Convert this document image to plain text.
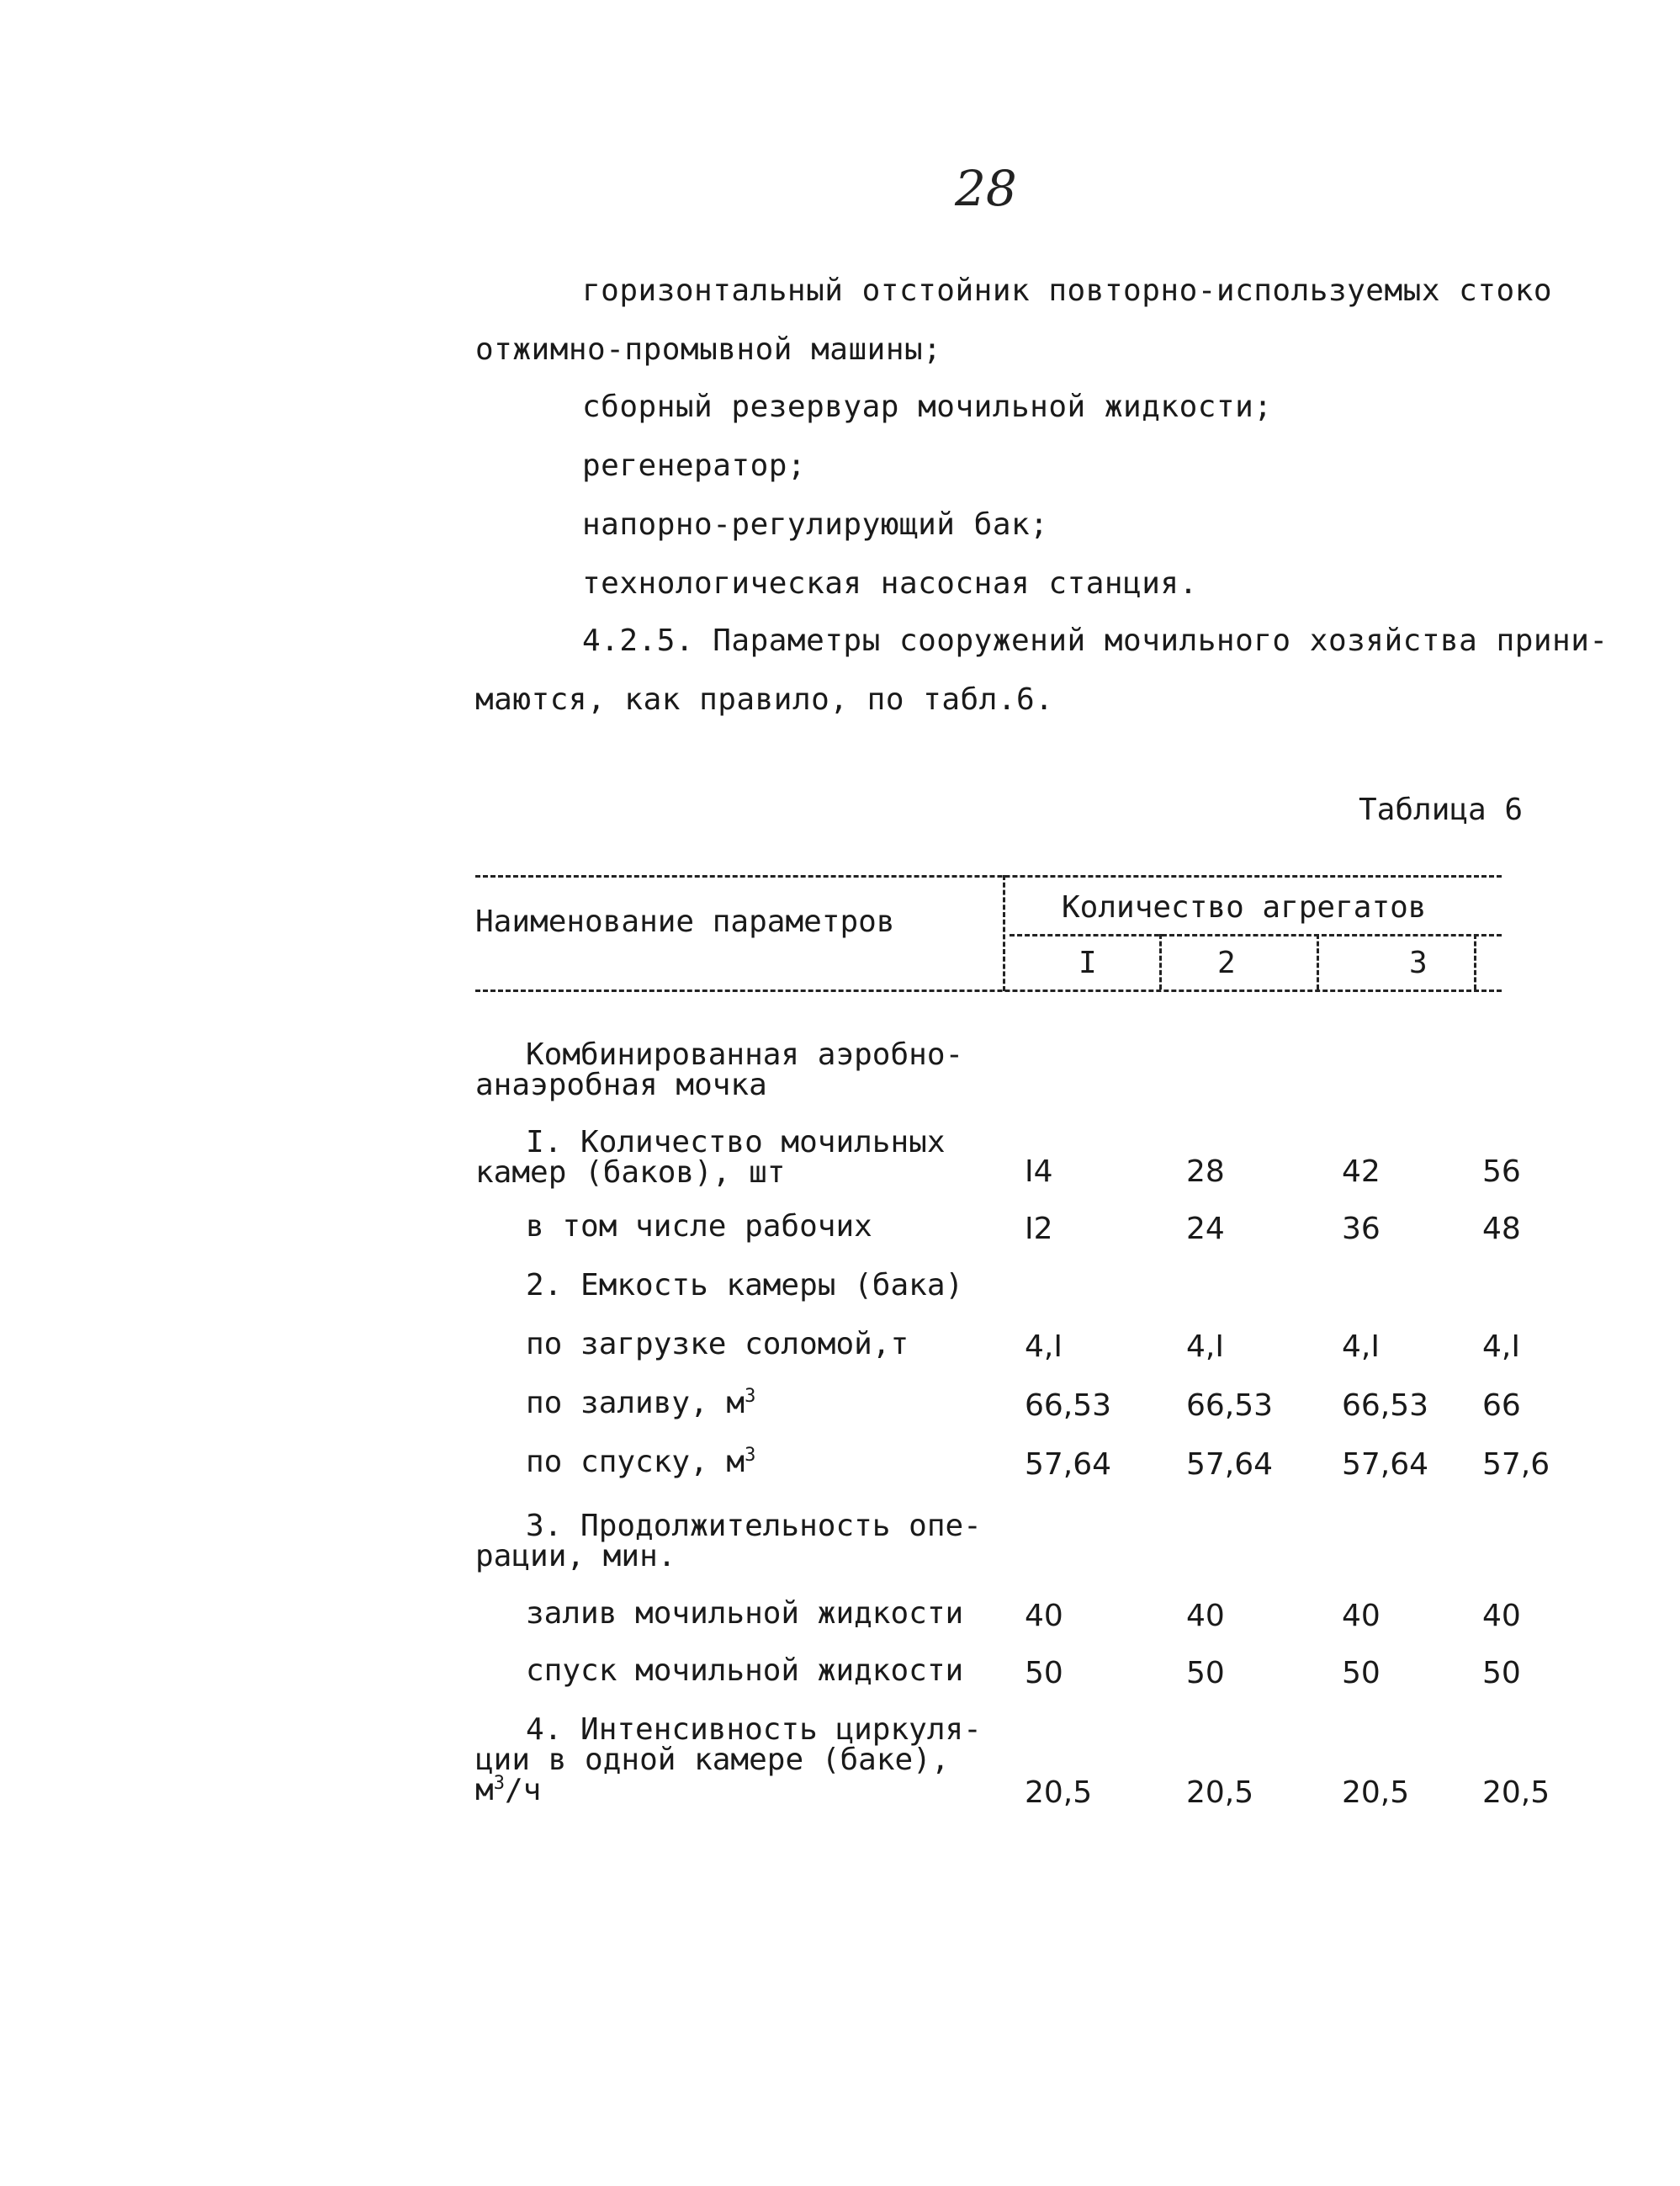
28
горизонтальный отстойник повторно-используемых стоко
отжимно-промывной машины;
сборный резервуар мочильной жидкости;
регенератор;
напорно-регулирующий бак;
технологическая насосная станция.
4.2.5. Параметры сооружений мочильного хозяйства прини-
маются, как правило, по табл.6.
Таблица 6
Наименование параметров	Количество агрегатов
I	2	3
Комбинированная аэробно-
анаэробная мочка
I. Количество мочильных
камер (баков), шт	I4	28	42	56
в том числе рабочих	I2	24	36	48
2. Емкость камеры (бака)
по загрузке соломой,т	4,I	4,I	4,I	4,I
по заливу, $м^3$	66,53 66,53 66,53 66
по спуску, $м^3$	57,64 57,64 57,64 57,6
3. Продолжительность опе-
рации, мин.
залив мочильной жидкости 40	40	40	40
спуск мочильной жидкости 50	50	50	50
4. Интенсивность циркуля-
ции в одной камере (баке),
$м^3/ч$	20,5	20,5	20,5 20,5
